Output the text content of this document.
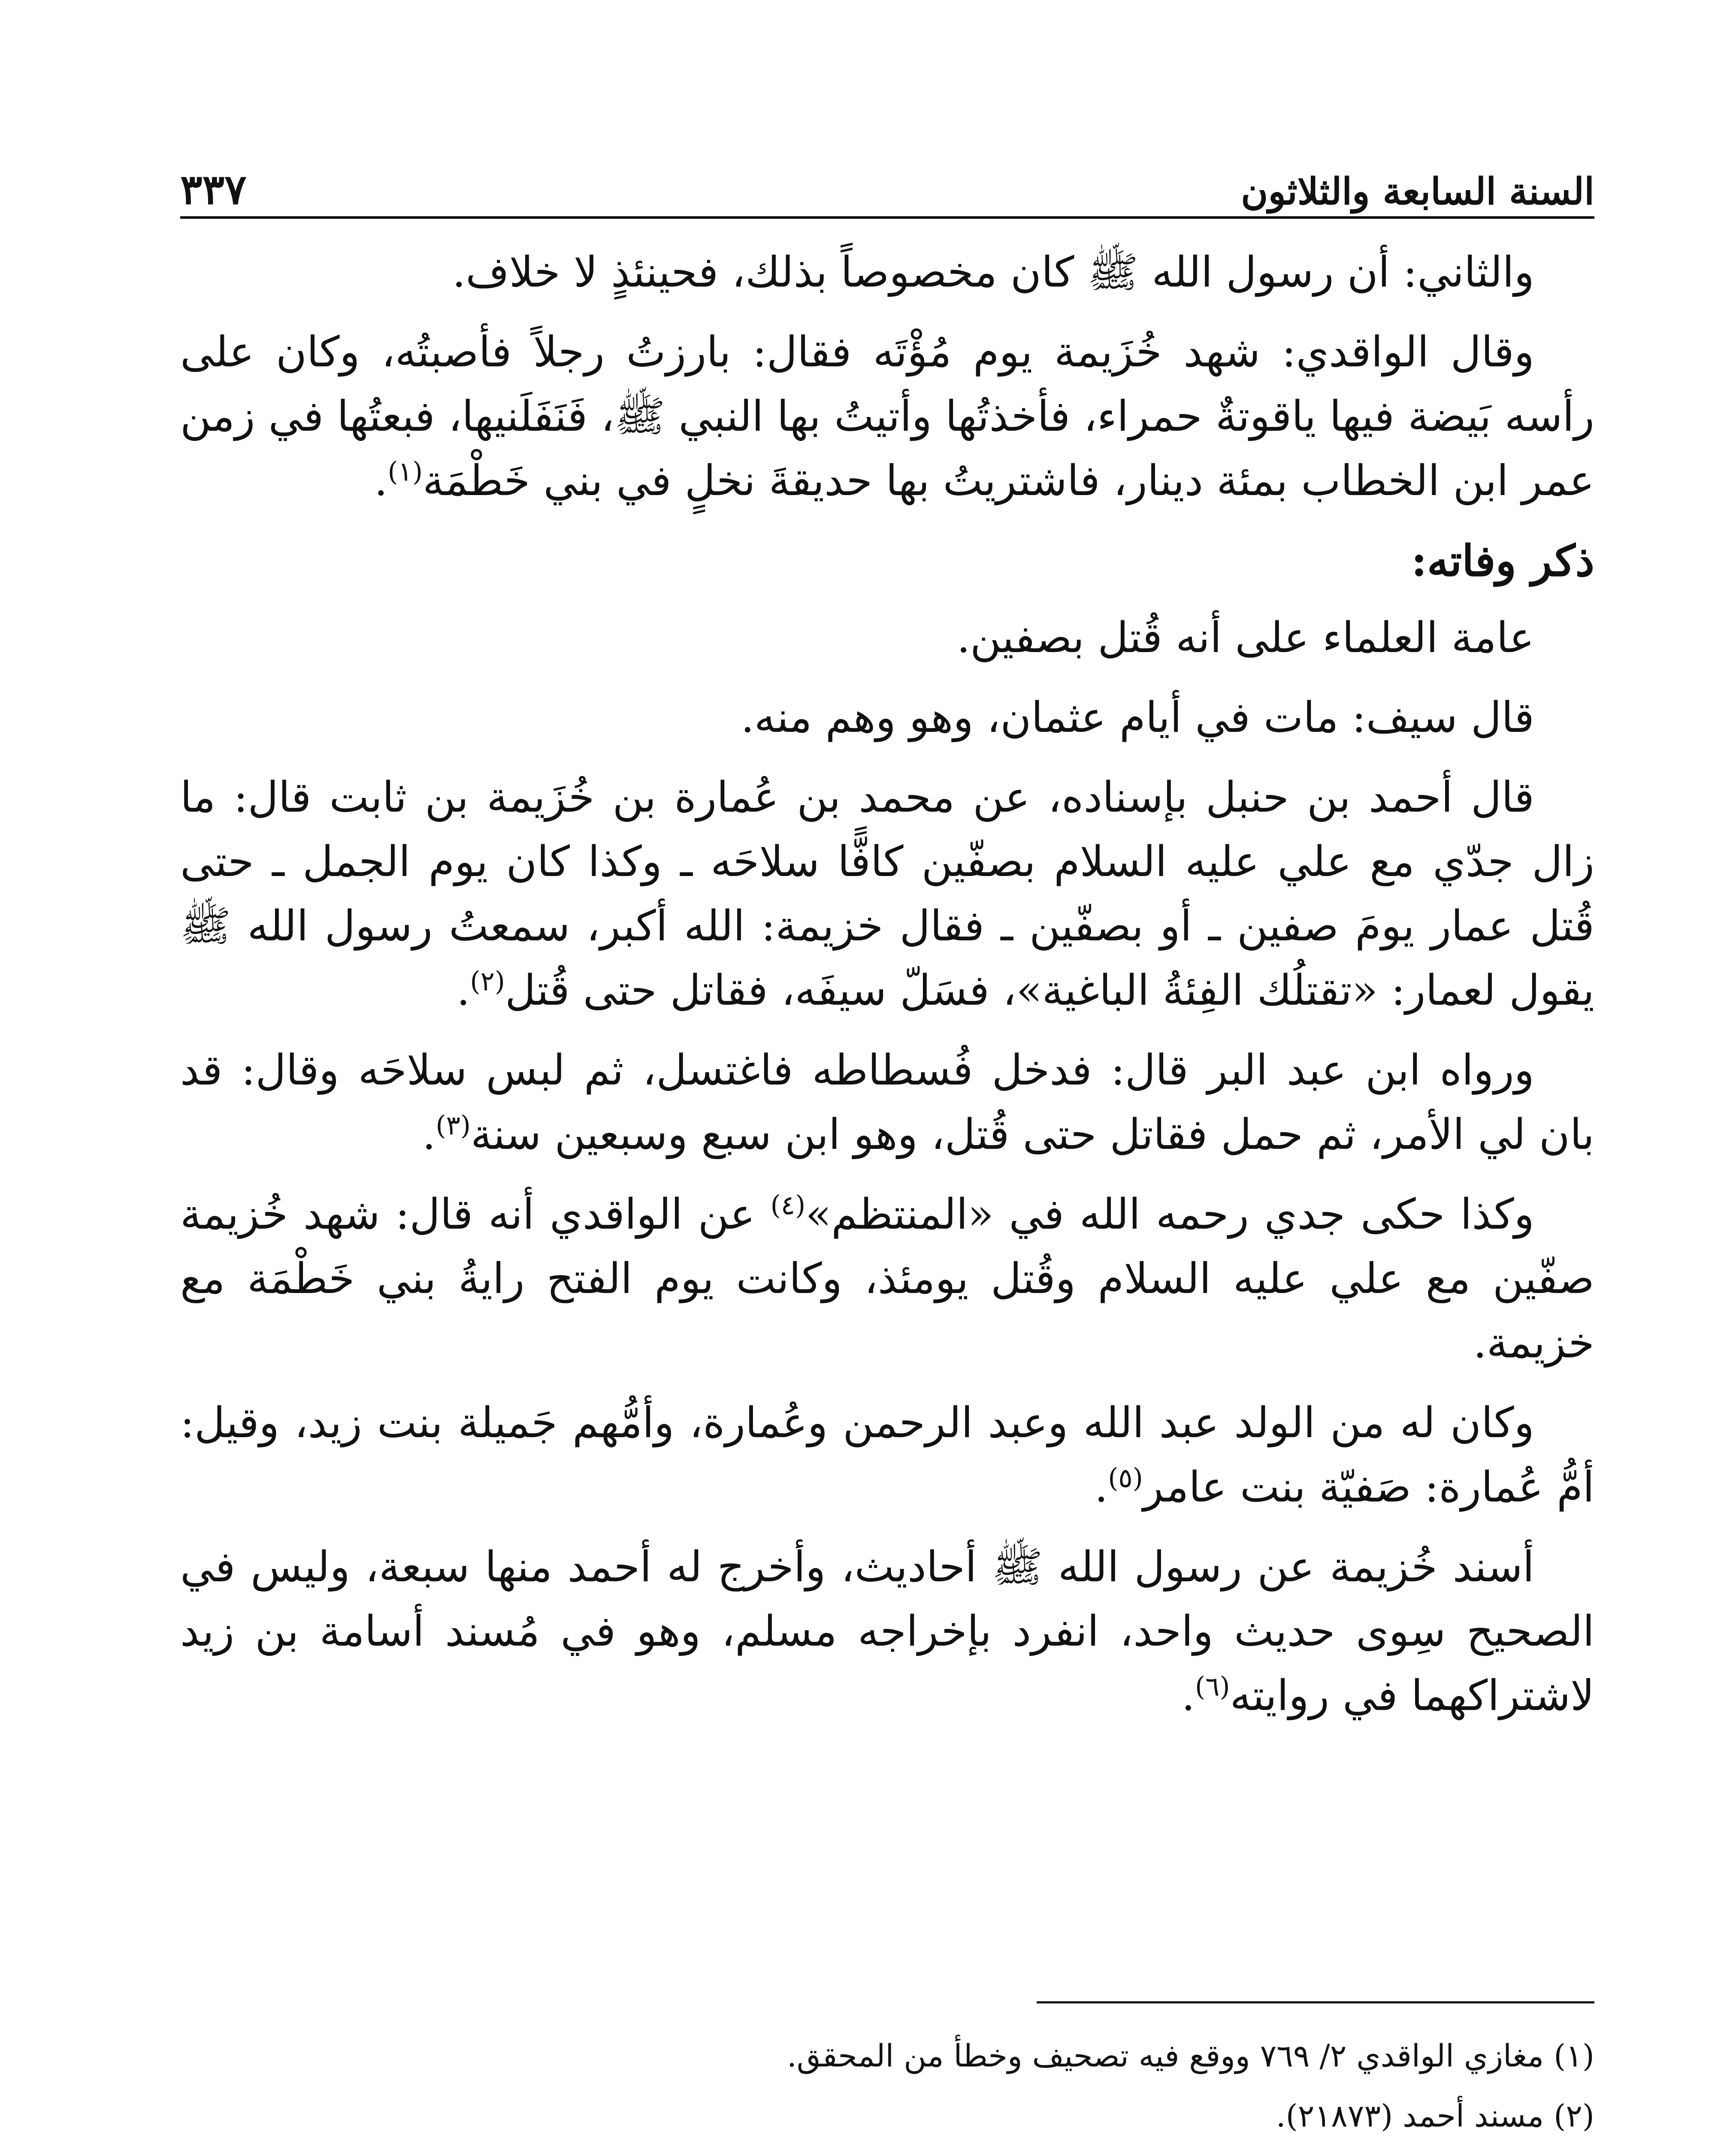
السنة السابعة والثلاثون
٣٣٧

والثاني: أن رسول الله ﷺ كان مخصوصاً بذلك، فحينئذٍ لا خلاف.

وقال الواقدي: شهد خُزَيمة يوم مُؤْتَه فقال: بارزتُ رجلاً فأصبتُه، وكان على رأسه بَيضة فيها ياقوتةٌ حمراء، فأخذتُها وأتيتُ بها النبي ﷺ، فَنَفَلَنيها، فبعتُها في زمن عمر ابن الخطاب بمئة دينار، فاشتريتُ بها حديقةَ نخلٍ في بني خَطْمَة$^{(١)}$.

ذكر وفاته:

عامة العلماء على أنه قُتل بصفين.

قال سيف: مات في أيام عثمان، وهو وهم منه.

قال أحمد بن حنبل بإسناده، عن محمد بن عُمارة بن خُزَيمة بن ثابت قال: ما زال جدّي مع علي عليه السلام بصفّين كافًّا سلاحَه ـ وكذا كان يوم الجمل ـ حتى قُتل عمار يومَ صفين ـ أو بصفّين ـ فقال خزيمة: الله أكبر، سمعتُ رسول الله ﷺ يقول لعمار: «تقتلُك الفِئةُ الباغية»، فسَلّ سيفَه، فقاتل حتى قُتل$^{(٢)}$.

ورواه ابن عبد البر قال: فدخل فُسطاطه فاغتسل، ثم لبس سلاحَه وقال: قد بان لي الأمر، ثم حمل فقاتل حتى قُتل، وهو ابن سبع وسبعين سنة$^{(٣)}$.

وكذا حكى جدي رحمه الله في «المنتظم»$^{(٤)}$ عن الواقدي أنه قال: شهد خُزيمة صفّين مع علي عليه السلام وقُتل يومئذ، وكانت يوم الفتح رايةُ بني خَطْمَة مع خزيمة.

وكان له من الولد عبد الله وعبد الرحمن وعُمارة، وأمُّهم جَميلة بنت زيد، وقيل: أمُّ عُمارة: صَفيّة بنت عامر$^{(٥)}$.

أسند خُزيمة عن رسول الله ﷺ أحاديث، وأخرج له أحمد منها سبعة، وليس في الصحيح سِوى حديث واحد، انفرد بإخراجه مسلم، وهو في مُسند أسامة بن زيد لاشتراكهما في روايته$^{(٦)}$.

(١) مغازي الواقدي ٢/ ٧٦٩ ووقع فيه تصحيف وخطأ من المحقق.

(٢) مسند أحمد (٢١٨٧٣).
